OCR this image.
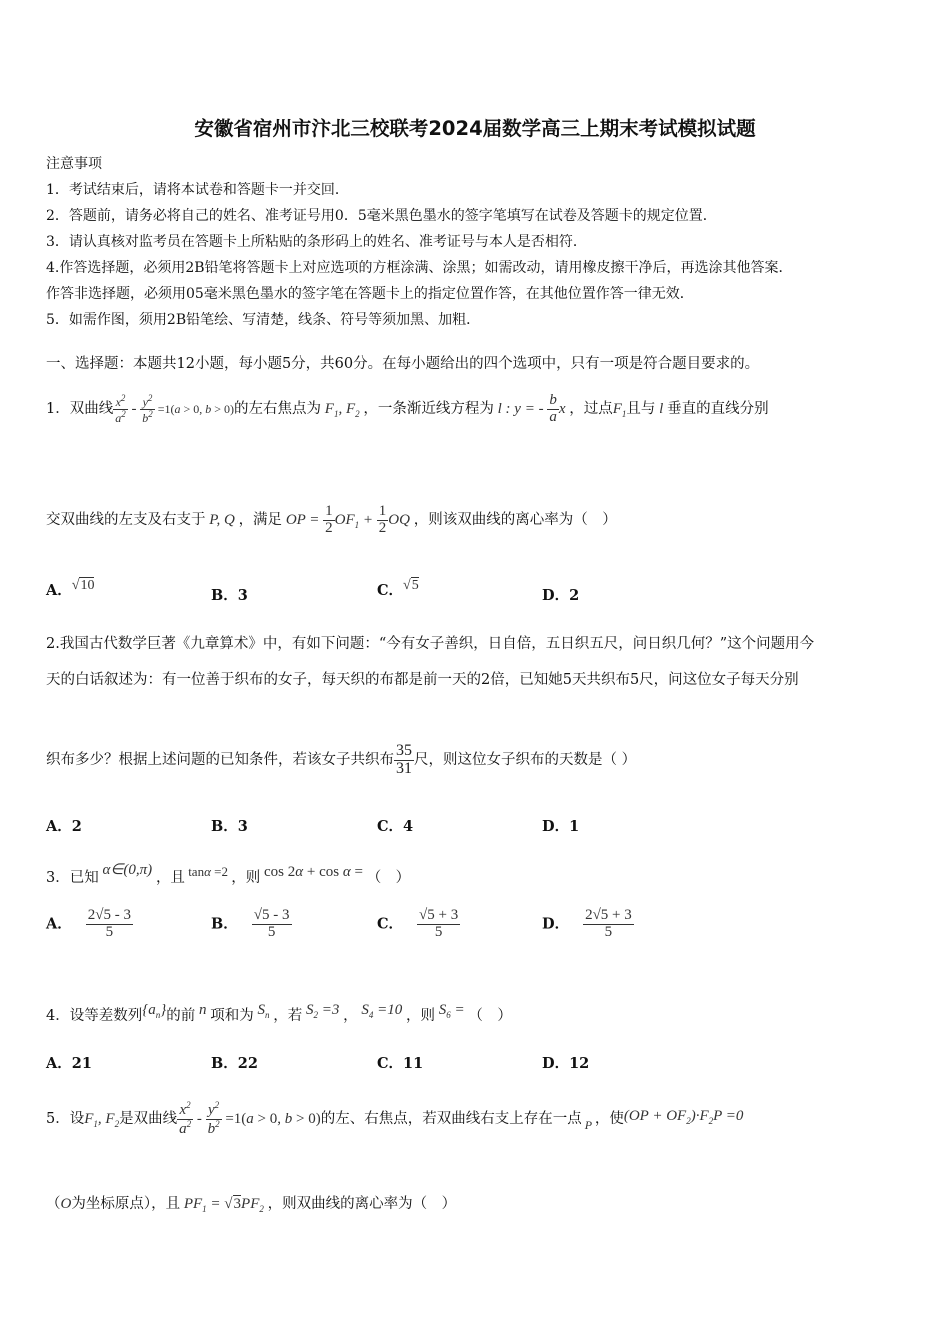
安徽省宿州市汴北三校联考2024届数学高三上期末考试模拟试题
注意事项
1．考试结束后，请将本试卷和答题卡一并交回．
2．答题前，请务必将自己的姓名、准考证号用0．5毫米黑色墨水的签字笔填写在试卷及答题卡的规定位置．
3．请认真核对监考员在答题卡上所粘贴的条形码上的姓名、准考证号与本人是否相符．
4.作答选择题，必须用2B铅笔将答题卡上对应选项的方框涂满、涂黑；如需改动，请用橡皮擦干净后，再选涂其他答案．
作答非选择题，必须用05毫米黑色墨水的签字笔在答题卡上的指定位置作答，在其他位置作答一律无效．
5．如需作图，须用2B铅笔绘、写清楚，线条、符号等须加黑、加粗．
一、选择题：本题共12小题，每小题5分，共60分。在每小题给出的四个选项中，只有一项是符合题目要求的。
1．双曲线 $\frac{x^2}{a^2} - \frac{y^2}{b^2} =1(a > 0$, b > 0)的左右焦点为 $F_1$, $F_2$ ，一条渐近线方程为 l : y = - $\frac{b}{a}$ x ，过点$F_1$且与 l 垂直的直线分别
交双曲线的左支及右支于 P, Q ，满足 OP = $\frac{1}{2} OF_1 + \frac{1}{2}$ OQ ，则该双曲线的离心率为（　）
A．√10
B．3	C．√5
D．2
2.我国古代数学巨著《九章算术》中，有如下问题：“今有女子善织，日自倍，五日织五尺，问日织几何？”这个问题用今
天的白话叙述为：有一位善于织布的女子，每天织的布都是前一天的2倍，已知她5天共织布5尺，问这位女子每天分别
织布多少？根据上述问题的已知条件，若该女子共织布 $\frac{35}{31}$ 尺，则这位女子织布的天数是（ ）
A．2	B．3	C．4	D．1
3．已知 α∈(0,π) ，且 tanα =2 ，则 cos 2α + cos α = （　）
A． $\frac{2√5 - 3}{5}$	B． $\frac{√5 - 3}{5}$	C． $\frac{√5 + 3}{5}$	D． $\frac{2√5 + 3}{5}$
4．设等差数列$\{a_n\}$的前 n 项和为 $S_n$ ，若 $S_2 =3$ ， $S_4 =10$ ，则 $S_6$ = （　）
A．21	B．22	C．11	D．12
5．设$F_1$, $F_2$是双曲线 $\frac{x^2}{a^2} - \frac{y^2}{b^2} =1(a > 0$, b > 0)的左、右焦点，若双曲线右支上存在一点 $_P$ ，使$(OP + OF_2)\cdot F_2P =0$
（O为坐标原点），且 $PF_1 = √3PF_2$ ，则双曲线的离心率为（　）
